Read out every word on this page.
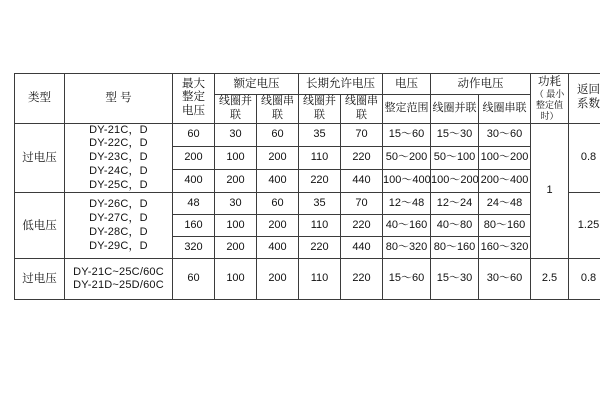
类型	型 号	最大整定电压	额定电压		长期允许电压		电压	动作电压		功耗
（ 最小整定值时）	返回系数

			线圈并联	线圈串联	线圈并联	线圈串联	整定范围	线圈并联	线圈串联		
过电压	DY-21C，D
DY-22C，D
DY-23C，D
DY-24C，D
DY-25C，D	60	30	60	35	70	15～60	15～30	30～60	1	0.8
		200	100	200	110	220	50～200	50～100	100～200		
		400	200	400	220	440	100～400	100～200	200～400		
低电压	DY-26C，D
DY-27C，D
DY-28C，D
DY-29C，D	48	30	60	35	70	12～48	12～24	24～48		1.25
		160	100	200	110	220	40～160	40～80	80～160		
		320	200	400	220	440	80～320	80～160	160～320		
过电压	DY-21C~25C/60C
DY-21D~25D/60C	60	100	200	110	220	15～60	15～30	30～60	2.5	0.8
